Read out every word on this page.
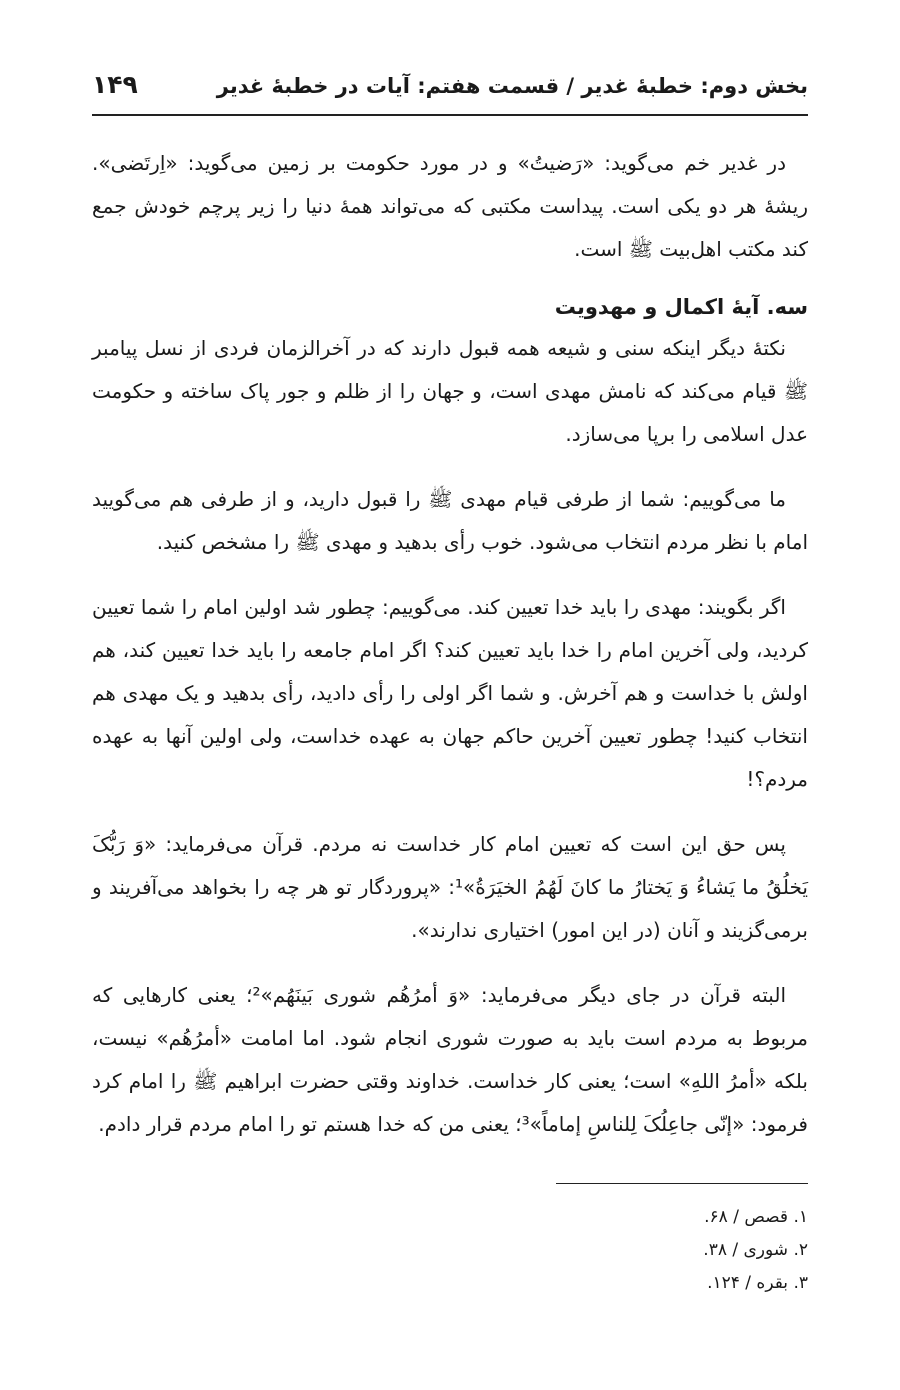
بخش دوم: خطبهٔ غدیر / قسمت هفتم: آیات در خطبهٔ غدیر
۱۴۹

در غدیر خم می‌گوید: «رَضیتُ» و در مورد حکومت بر زمین می‌گوید: «اِرتَضی». ریشهٔ هر دو یکی است. پیداست مکتبی که می‌تواند همهٔ دنیا را زیر پرچم خودش جمع کند مکتب اهل‌بیت ﷺ است.

سه. آیهٔ اکمال و مهدویت

نکتهٔ دیگر اینکه سنی و شیعه همه قبول دارند که در آخرالزمان فردی از نسل پیامبر ﷺ قیام می‌کند که نامش مهدی است، و جهان را از ظلم و جور پاک ساخته و حکومت عدل اسلامی را برپا می‌سازد.

ما می‌گوییم: شما از طرفی قیام مهدی ﷺ را قبول دارید، و از طرفی هم می‌گویید امام با نظر مردم انتخاب می‌شود. خوب رأی بدهید و مهدی ﷺ را مشخص کنید.

اگر بگویند: مهدی را باید خدا تعیین کند. می‌گوییم: چطور شد اولین امام را شما تعیین کردید، ولی آخرین امام را خدا باید تعیین کند؟ اگر امام جامعه را باید خدا تعیین کند، هم اولش با خداست و هم آخرش. و شما اگر اولی را رأی دادید، رأی بدهید و یک مهدی هم انتخاب کنید! چطور تعیین آخرین حاکم جهان به عهده خداست، ولی اولین آنها به عهده مردم؟!

پس حق این است که تعیین امام کار خداست نه مردم. قرآن می‌فرماید: «وَ رَبُّکَ یَخلُقُ ما یَشاءُ وَ یَختارُ ما کانَ لَهُمُ الخیَرَةُ»¹: «پروردگار تو هر چه را بخواهد می‌آفریند و برمی‌گزیند و آنان (در این امور) اختیاری ندارند».

البته قرآن در جای دیگر می‌فرماید: «وَ أمرُهُم شوری بَینَهُم»²؛ یعنی کارهایی که مربوط به مردم است باید به صورت شوری انجام شود. اما امامت «أمرُهُم» نیست، بلکه «أمرُ اللهِ» است؛ یعنی کار خداست. خداوند وقتی حضرت ابراهیم ﷺ را امام کرد فرمود: «إنّی جاعِلُکَ لِلناسِ إماماً»³؛ یعنی من که خدا هستم تو را امام مردم قرار دادم.

۱. قصص / ۶۸.
۲. شوری / ۳۸.
۳. بقره / ۱۲۴.
